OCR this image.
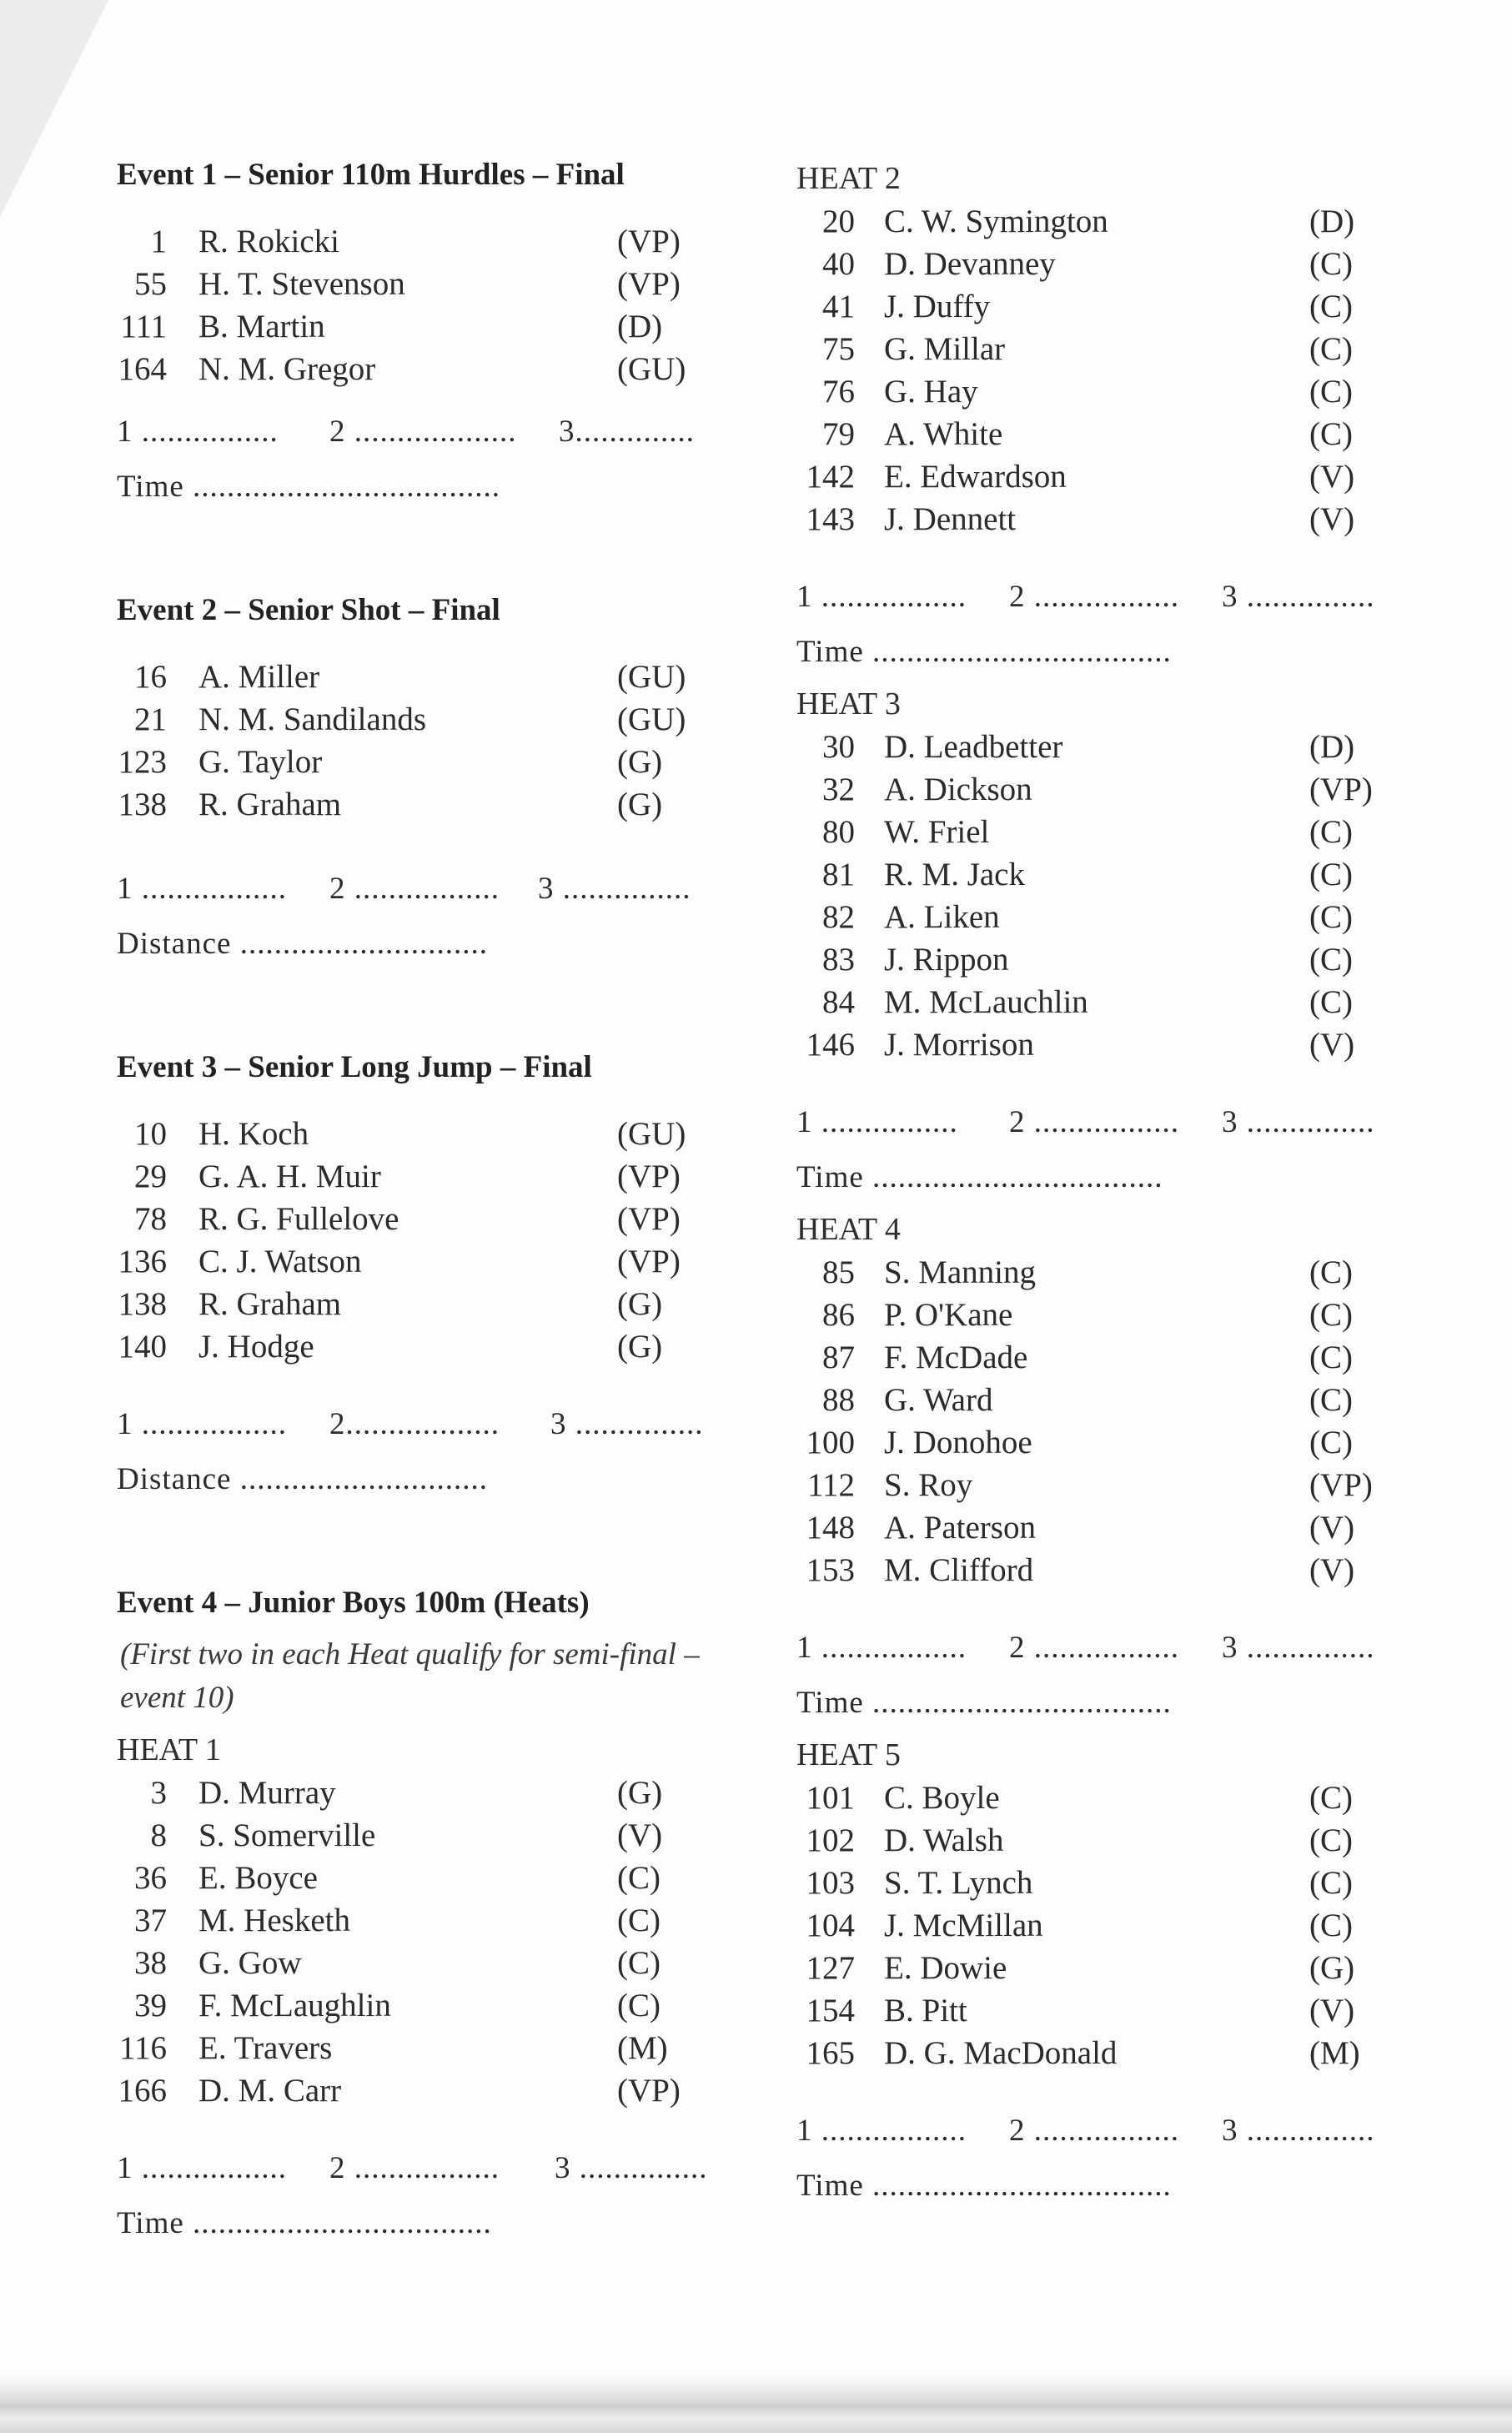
Event 1 – Senior 110m Hurdles – Final
1 R. Rokicki	(VP)
55 H. T. Stevenson	(VP)
111 B. Martin	(D)
164 N. M. Gregor	(GU)
1 ................ 2 ................... 3..............
Time ....................................
Event 2 – Senior Shot – Final
16 A. Miller	(GU)
21 N. M. Sandilands	(GU)
123 G. Taylor	(G)
138 R. Graham	(G)
1 ................. 2 ................. 3 ...............
Distance .............................
Event 3 – Senior Long Jump – Final
10 H. Koch	(GU)
29 G. A. H. Muir	(VP)
78 R. G. Fullelove	(VP)
136 C. J. Watson	(VP)
138 R. Graham	(G)
140 J. Hodge	(G)
1 ................. 2.................. 3 ...............
Distance .............................
Event 4 – Junior Boys 100m (Heats)
(First two in each Heat qualify for semi-final – event 10)
HEAT 1
3 D. Murray	(G)
8 S. Somerville	(V)
36 E. Boyce	(C)
37 M. Hesketh	(C)
38 G. Gow	(C)
39 F. McLaughlin	(C)
116 E. Travers	(M)
166 D. M. Carr	(VP)
1 ................. 2 ................. 3 ...............
Time ...................................
HEAT 2
20 C. W. Symington	(D)
40 D. Devanney	(C)
41 J. Duffy	(C)
75 G. Millar	(C)
76 G. Hay	(C)
79 A. White	(C)
142 E. Edwardson	(V)
143 J. Dennett	(V)
1 ................. 2 ................. 3 ...............
Time ...................................
HEAT 3
30 D. Leadbetter	(D)
32 A. Dickson	(VP)
80 W. Friel	(C)
81 R. M. Jack	(C)
82 A. Liken	(C)
83 J. Rippon	(C)
84 M. McLauchlin	(C)
146 J. Morrison	(V)
1 ................ 2 ................. 3 ...............
Time ..................................
HEAT 4
85 S. Manning	(C)
86 P. O'Kane	(C)
87 F. McDade	(C)
88 G. Ward	(C)
100 J. Donohoe	(C)
112 S. Roy	(VP)
148 A. Paterson	(V)
153 M. Clifford	(V)
1 ................. 2 ................. 3 ...............
Time ...................................
HEAT 5
101 C. Boyle	(C)
102 D. Walsh	(C)
103 S. T. Lynch	(C)
104 J. McMillan	(C)
127 E. Dowie	(G)
154 B. Pitt	(V)
165 D. G. MacDonald	(M)
1 ................. 2 ................. 3 ...............
Time ...................................
